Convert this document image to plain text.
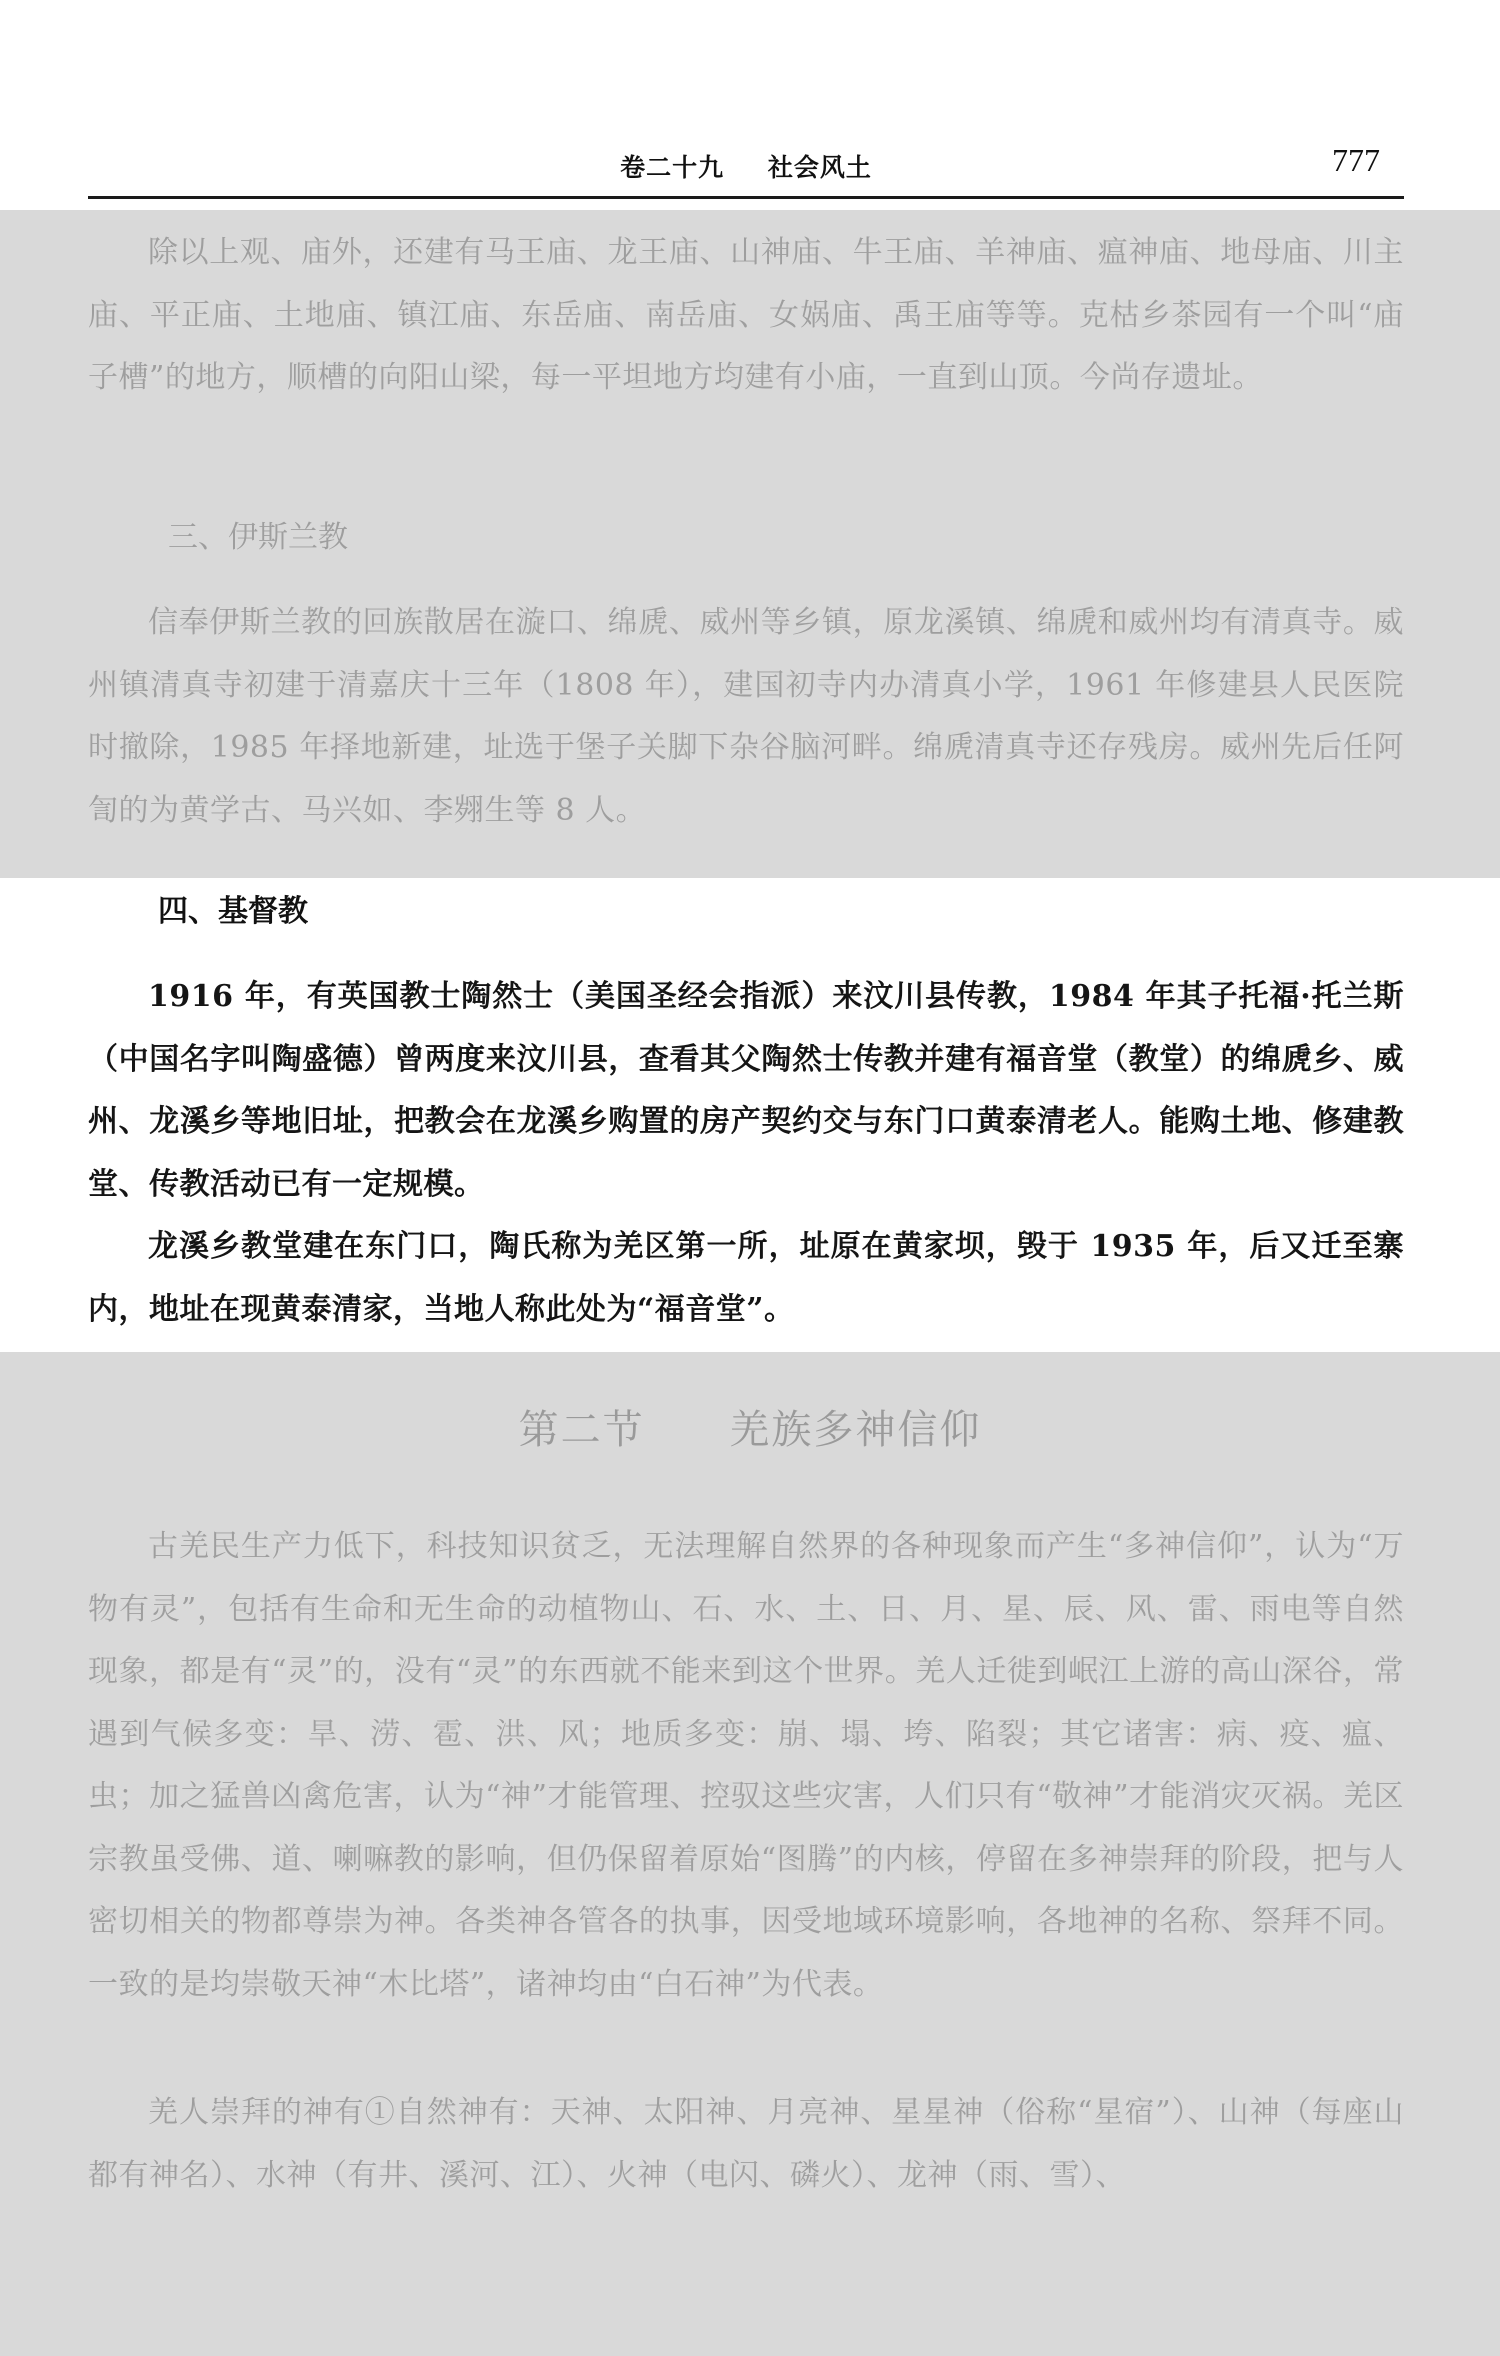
卷二十九 社会风土	777

除以上观、庙外，还建有马王庙、龙王庙、山神庙、牛王庙、羊神庙、瘟神庙、地母庙、川主庙、平正庙、土地庙、镇江庙、东岳庙、南岳庙、女娲庙、禹王庙等等。克枯乡茶园有一个叫“庙子槽”的地方，顺槽的向阳山梁，每一平坦地方均建有小庙，一直到山顶。今尚存遗址。

三、伊斯兰教

信奉伊斯兰教的回族散居在漩口、绵虒、威州等乡镇，原龙溪镇、绵虒和威州均有清真寺。威州镇清真寺初建于清嘉庆十三年（1808 年），建国初寺内办清真小学，1961 年修建县人民医院时撤除，1985 年择地新建，址选于堡子关脚下杂谷脑河畔。绵虒清真寺还存残房。威州先后任阿訇的为黄学古、马兴如、李翙生等 8 人。

四、基督教

1916 年，有英国教士陶然士（美国圣经会指派）来汶川县传教，1984 年其子托福·托兰斯（中国名字叫陶盛德）曾两度来汶川县，查看其父陶然士传教并建有福音堂（教堂）的绵虒乡、威州、龙溪乡等地旧址，把教会在龙溪乡购置的房产契约交与东门口黄泰清老人。能购土地、修建教堂、传教活动已有一定规模。

龙溪乡教堂建在东门口，陶氏称为羌区第一所，址原在黄家坝，毁于 1935 年，后又迁至寨内，地址在现黄泰清家，当地人称此处为“福音堂”。

第二节 羌族多神信仰

古羌民生产力低下，科技知识贫乏，无法理解自然界的各种现象而产生“多神信仰”，认为“万物有灵”，包括有生命和无生命的动植物山、石、水、土、日、月、星、辰、风、雷、雨电等自然现象，都是有“灵”的，没有“灵”的东西就不能来到这个世界。羌人迁徙到岷江上游的高山深谷，常遇到气候多变：旱、涝、雹、洪、风；地质多变：崩、塌、垮、陷裂；其它诸害：病、疫、瘟、虫；加之猛兽凶禽危害，认为“神”才能管理、控驭这些灾害，人们只有“敬神”才能消灾灭祸。羌区宗教虽受佛、道、喇嘛教的影响，但仍保留着原始“图腾”的内核，停留在多神崇拜的阶段，把与人密切相关的物都尊崇为神。各类神各管各的执事，因受地域环境影响，各地神的名称、祭拜不同。一致的是均崇敬天神“木比塔”，诸神均由“白石神”为代表。

羌人崇拜的神有①自然神有：天神、太阳神、月亮神、星星神（俗称“星宿”）、山神（每座山都有神名）、水神（有井、溪河、江）、火神（电闪、磷火）、龙神（雨、雪）、
